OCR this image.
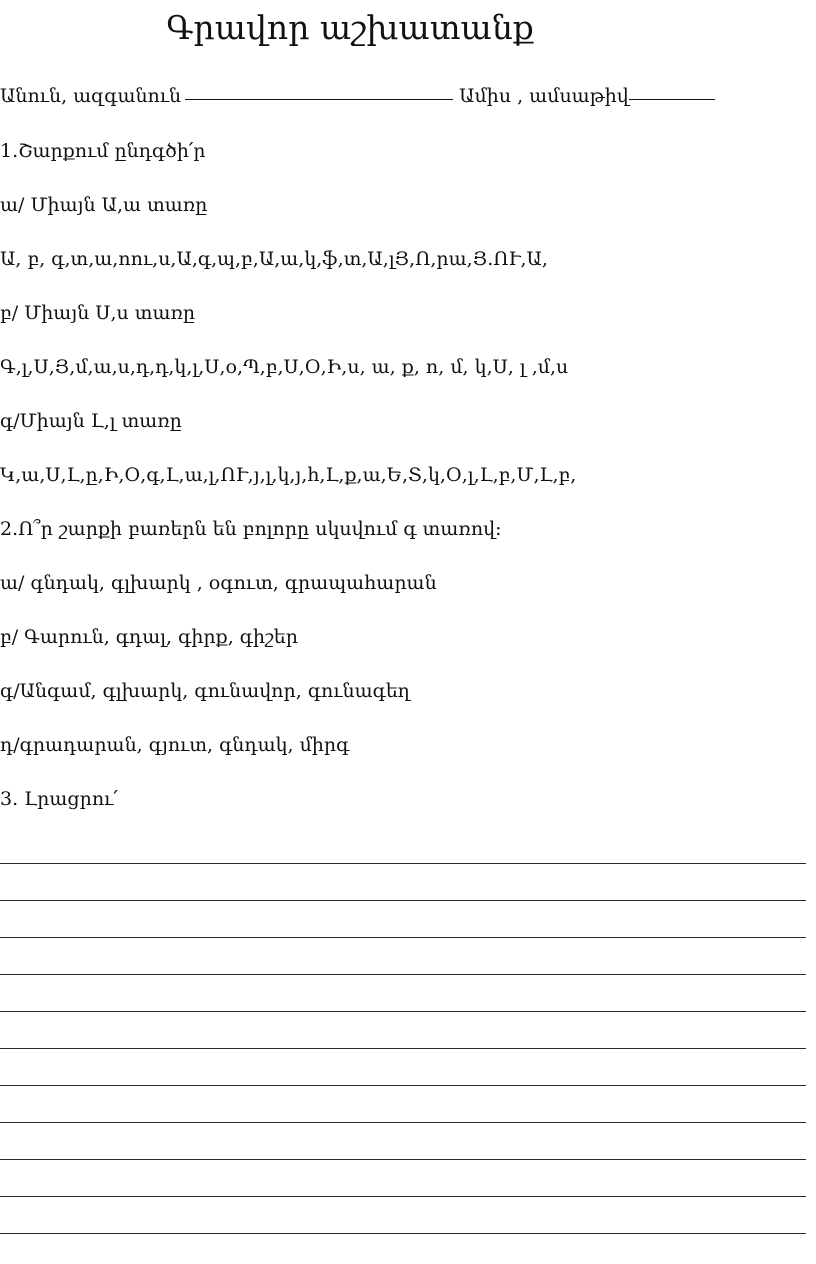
Գրավոր աշխատանք
Անուն, ազգանուն	Ամիս , ամսաթիվ
1.Շարքում ընդգծի՛ր
ա/ Միայն Ա,ա տառը
Ա, բ, գ,տ,ա,ոու,ս,Ա,գ,պ,բ,Ա,ա,կ,ֆ,տ,Ա,լՅ,Ո,րա,Յ.ՈՒ,Ա,
բ/ Միայն Ս,ս տառը
Գ,լ,Ս,Յ,մ,ա,ս,դ,դ,կ,լ,Ս,օ,Պ,բ,Ս,Օ,Ի,ս, ա, ք, ո, մ, կ,Ս, լ ,մ,ս
գ/Միայն Լ,լ տառը
Կ,ա,Ս,Լ,ը,Ի,Օ,գ,Լ,ա,լ,ՈՒ,յ,լ,կ,յ,հ,Լ,ք,ա,Ե,Տ,կ,Օ,լ,Լ,բ,Մ,Լ,բ,
2.Ո՞ր շարքի բառերն են բոլորը սկսվում գ տառով:
ա/ գնդակ, գլխարկ , օգուտ, գրապահարան
բ/ Գարուն, գդալ, գիրք, գիշեր
գ/Անգամ, գլխարկ, գունավոր, գունագեղ
դ/գրադարան, գյուտ, գնդակ, միրգ
3. Լրացրու՛
